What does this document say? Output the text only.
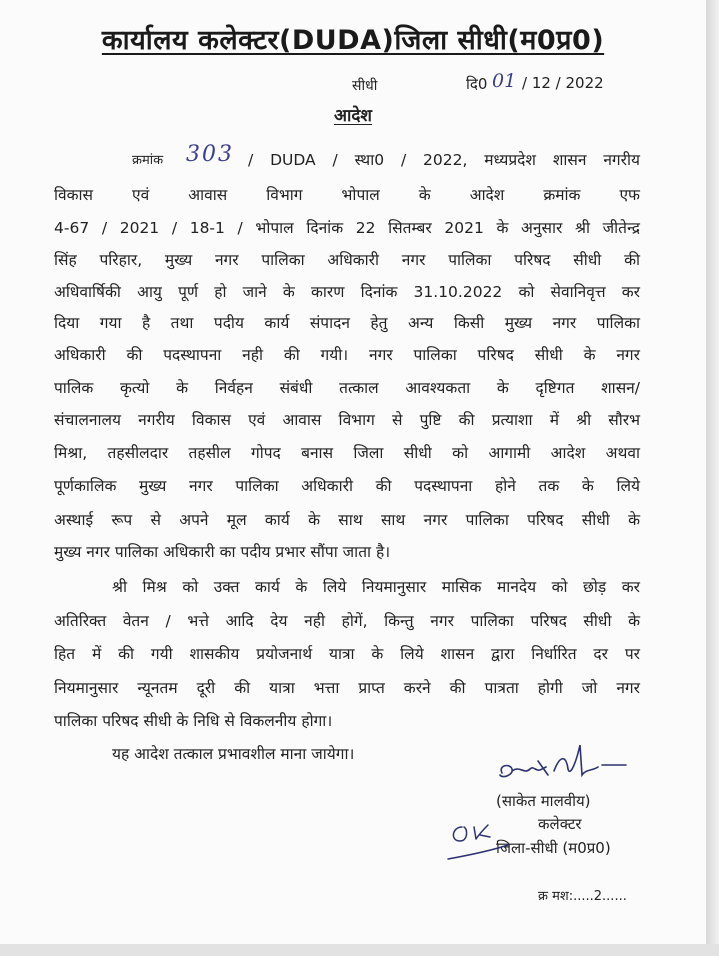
कार्यालय कलेक्टर(DUDA)जिला सीधी(म0प्र0)
सीधी	दि0 01 / 12 / 2022
आदेश
क्रमांक 303 / DUDA / स्था0 / 2022, मध्यप्रदेश शासन नगरीय
विकास एवं आवास विभाग भोपाल के आदेश क्रमांक एफ
4-67 / 2021 / 18-1 / भोपाल दिनांक 22 सितम्बर 2021 के अनुसार श्री जीतेन्द्र
सिंह परिहार, मुख्य नगर पालिका अधिकारी नगर पालिका परिषद सीधी की
अधिवार्षिकी आयु पूर्ण हो जाने के कारण दिनांक 31.10.2022 को सेवानिवृत्त कर
दिया गया है तथा पदीय कार्य संपादन हेतु अन्य किसी मुख्य नगर पालिका
अधिकारी की पदस्थापना नही की गयी। नगर पालिका परिषद सीधी के नगर
पालिक कृत्यो के निर्वहन संबंधी तत्काल आवश्यकता के दृष्टिगत शासन/
संचालनालय नगरीय विकास एवं आवास विभाग से पुष्टि की प्रत्याशा में श्री सौरभ
मिश्रा, तहसीलदार तहसील गोपद बनास जिला सीधी को आगामी आदेश अथवा
पूर्णकालिक मुख्य नगर पालिका अधिकारी की पदस्थापना होने तक के लिये
अस्थाई रूप से अपने मूल कार्य के साथ साथ नगर पालिका परिषद सीधी के
मुख्य नगर पालिका अधिकारी का पदीय प्रभार सौंपा जाता है।
श्री मिश्र को उक्त कार्य के लिये नियमानुसार मासिक मानदेय को छोड़ कर
अतिरिक्त वेतन / भत्ते आदि देय नही होगें, किन्तु नगर पालिका परिषद सीधी के
हित में की गयी शासकीय प्रयोजनार्थ यात्रा के लिये शासन द्वारा निर्धारित दर पर
नियमानुसार न्यूनतम दूरी की यात्रा भत्ता प्राप्त करने की पात्रता होगी जो नगर
पालिका परिषद सीधी के निधि से विकलनीय होगा।
यह आदेश तत्काल प्रभावशील माना जायेगा।
(साकेत मालवीय)
कलेक्टर
जिला-सीधी (म0प्र0)
क्र मश:.....2......
